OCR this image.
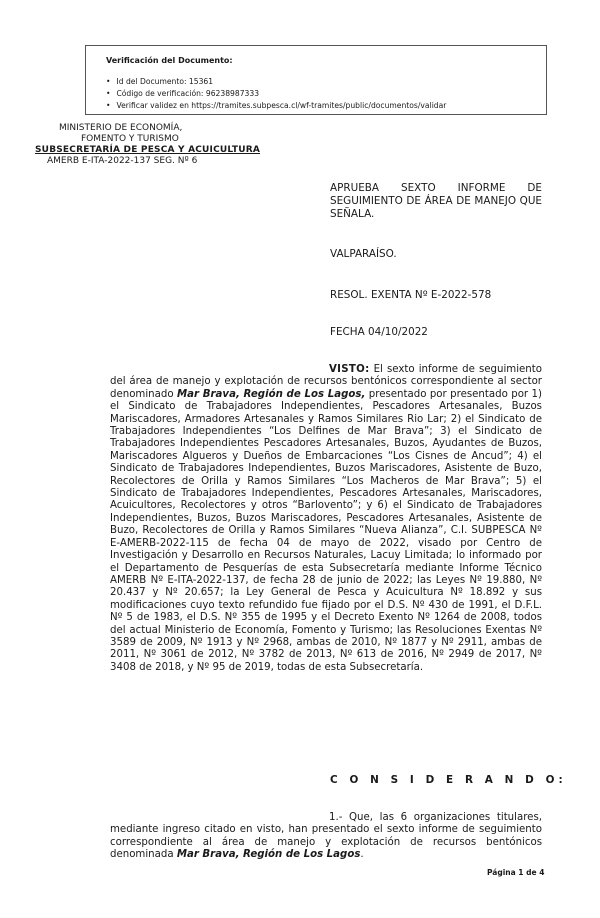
Verificación del Documento:
• Id del Documento: 15361
• Código de verificación: 96238987333
• Verificar validez en https://tramites.subpesca.cl/wf-tramites/public/documentos/validar
MINISTERIO DE ECONOMÍA,
FOMENTO Y TURISMO
SUBSECRETARÍA DE PESCA Y ACUICULTURA
AMERB E-ITA-2022-137 SEG. Nº 6
APRUEBA SEXTO INFORME DE SEGUIMIENTO DE ÁREA DE MANEJO QUE SEÑALA.
VALPARAÍSO.
RESOL. EXENTA Nº E-2022-578
FECHA 04/10/2022
VISTO: El sexto informe de seguimiento del área de manejo y explotación de recursos bentónicos correspondiente al sector denominado Mar Brava, Región de Los Lagos, presentado por presentado por 1) el Sindicato de Trabajadores Independientes, Pescadores Artesanales, Buzos Mariscadores, Armadores Artesanales y Ramos Similares Rio Lar; 2) el Sindicato de Trabajadores Independientes “Los Delfines de Mar Brava”; 3) el Sindicato de Trabajadores Independientes Pescadores Artesanales, Buzos, Ayudantes de Buzos, Mariscadores Algueros y Dueños de Embarcaciones “Los Cisnes de Ancud”; 4) el Sindicato de Trabajadores Independientes, Buzos Mariscadores, Asistente de Buzo, Recolectores de Orilla y Ramos Similares “Los Macheros de Mar Brava”; 5) el Sindicato de Trabajadores Independientes, Pescadores Artesanales, Mariscadores, Acuicultores, Recolectores y otros “Barlovento”; y 6) el Sindicato de Trabajadores Independientes, Buzos, Buzos Mariscadores, Pescadores Artesanales, Asistente de Buzo, Recolectores de Orilla y Ramos Similares “Nueva Alianza”, C.I. SUBPESCA Nº E-AMERB-2022-115 de fecha 04 de mayo de 2022, visado por Centro de Investigación y Desarrollo en Recursos Naturales, Lacuy Limitada; lo informado por el Departamento de Pesquerías de esta Subsecretaría mediante Informe Técnico AMERB Nº E-ITA-2022-137, de fecha 28 de junio de 2022; las Leyes Nº 19.880, Nº 20.437 y Nº 20.657; la Ley General de Pesca y Acuicultura Nº 18.892 y sus modificaciones cuyo texto refundido fue fijado por el D.S. Nº 430 de 1991, el D.F.L. Nº 5 de 1983, el D.S. Nº 355 de 1995 y el Decreto Exento Nº 1264 de 2008, todos del actual Ministerio de Economía, Fomento y Turismo; las Resoluciones Exentas Nº 3589 de 2009, Nº 1913 y Nº 2968, ambas de 2010, Nº 1877 y Nº 2911, ambas de 2011, Nº 3061 de 2012, Nº 3782 de 2013, Nº 613 de 2016, Nº 2949 de 2017, Nº 3408 de 2018, y Nº 95 de 2019, todas de esta Subsecretaría.
C O N S I D E R A N D O:
1.- Que, las 6 organizaciones titulares, mediante ingreso citado en visto, han presentado el sexto informe de seguimiento correspondiente al área de manejo y explotación de recursos bentónicos denominada Mar Brava, Región de Los Lagos.
Página 1 de 4
